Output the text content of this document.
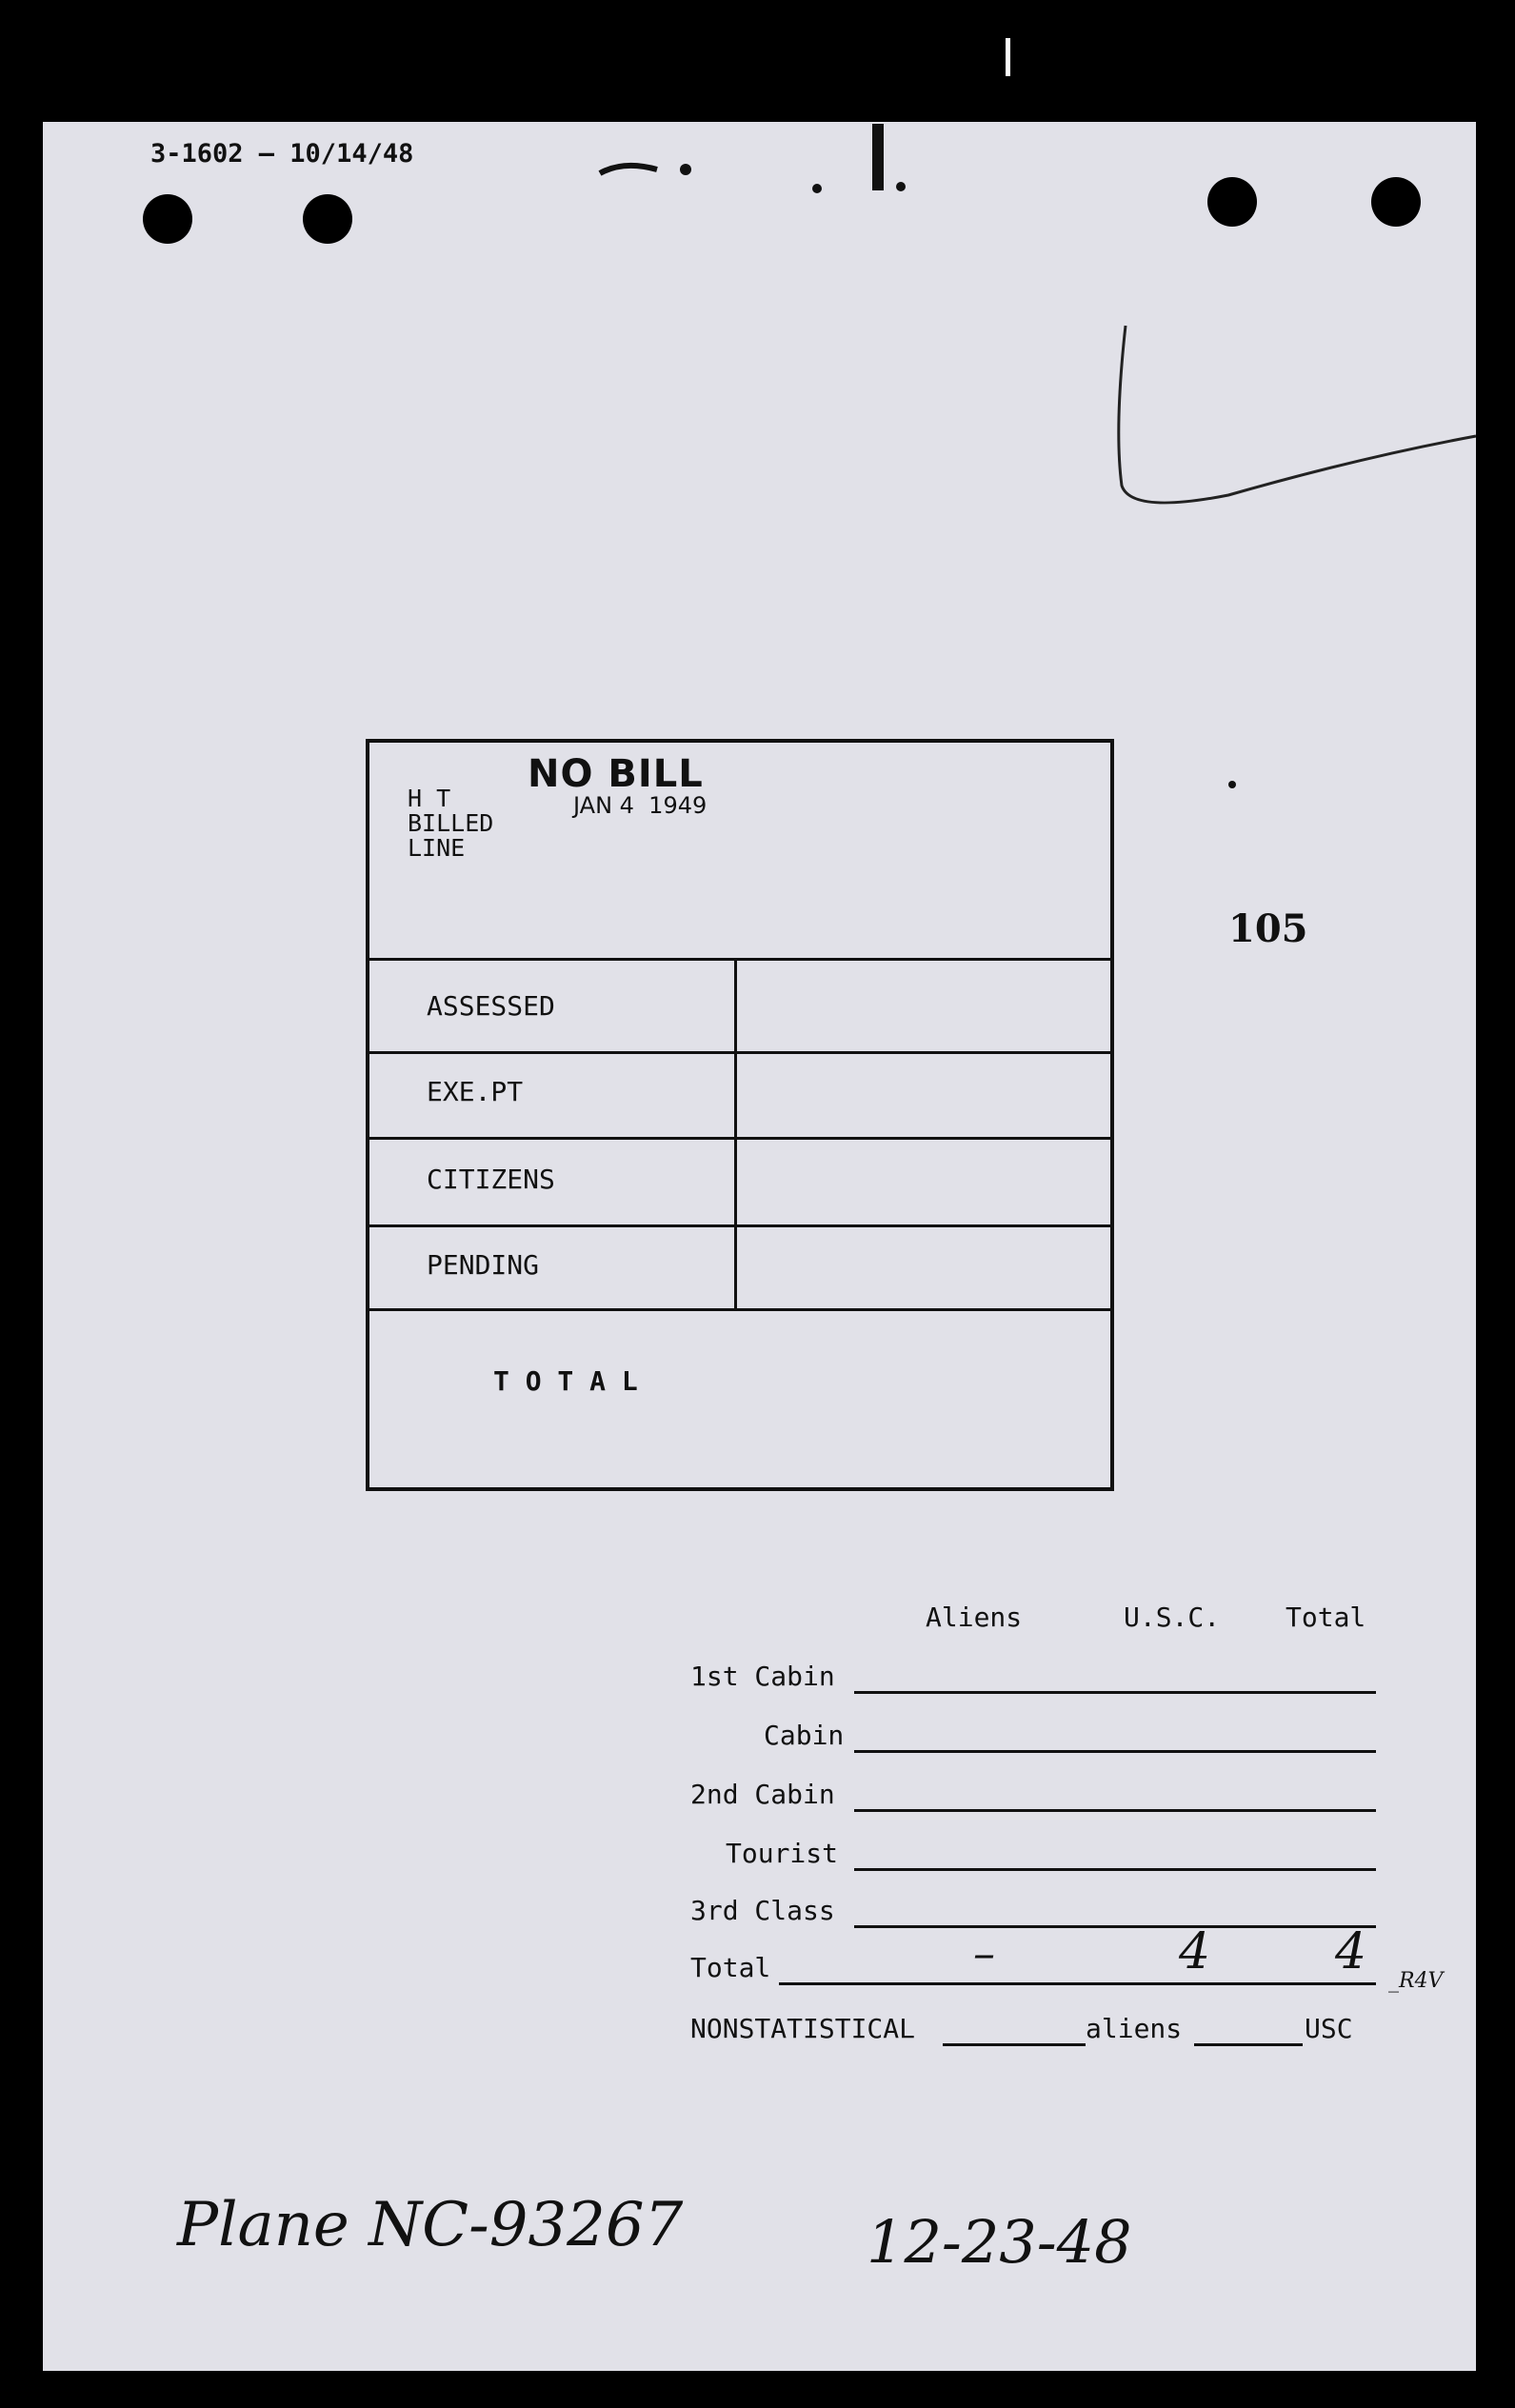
3-1602 — 10/14/48
NO BILL
JAN 4  1949
H T
BILLED
LINE
ASSESSED
EXE.PT
CITIZENS
PENDING
T O T A L
105
Aliens	U.S.C. Total
1st Cabin
Cabin
2nd Cabin
Tourist
3rd Class
Total	–	4	4
_R4V
NONSTATISTICAL	aliens	USC
Plane NC-93267	12-23-48
